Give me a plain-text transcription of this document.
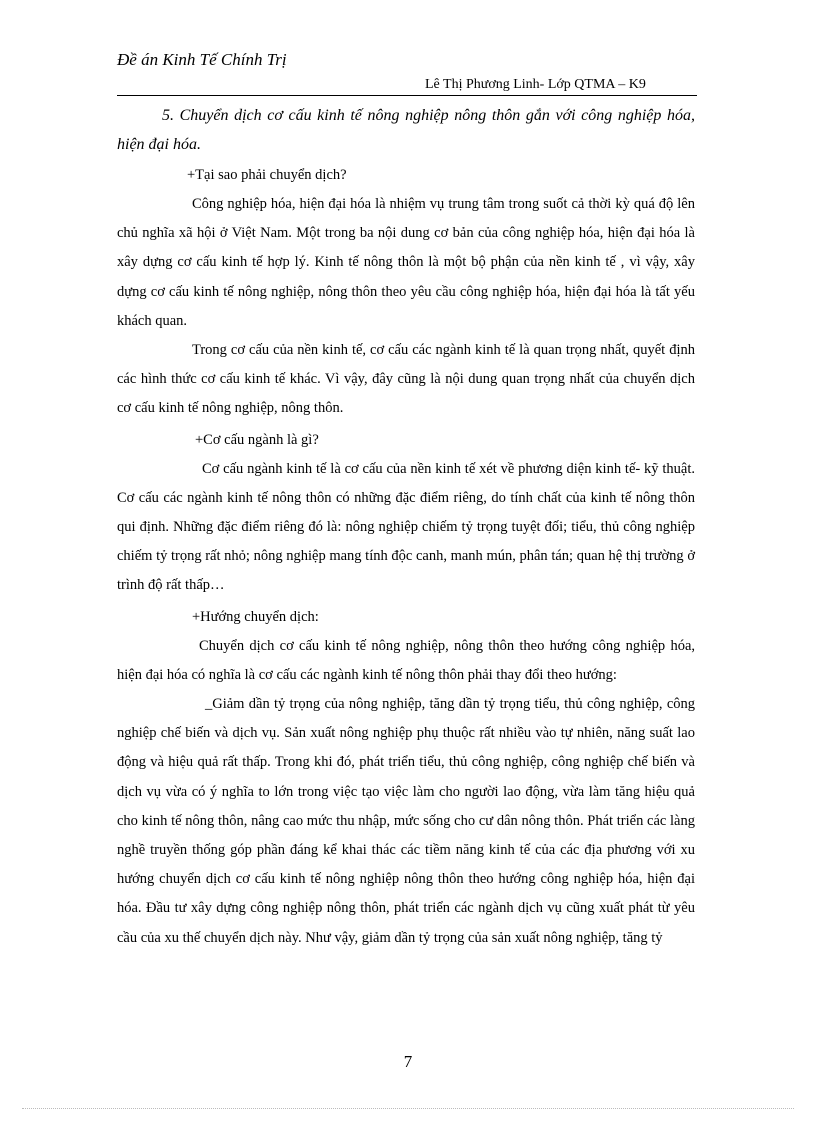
Đề án Kinh Tế Chính Trị
Lê Thị Phương Linh- Lớp QTMA – K9
5. Chuyển dịch cơ cấu kinh tế nông nghiệp nông thôn gắn với công nghiệp hóa, hiện đại hóa.
+Tại sao phải chuyển dịch?
Công nghiệp hóa, hiện đại hóa là nhiệm vụ trung tâm trong suốt cả thời kỳ quá độ lên chủ nghĩa xã hội ở Việt Nam. Một trong ba nội dung cơ bản của công nghiệp hóa, hiện đại hóa là xây dựng cơ cấu kinh tế hợp lý. Kinh tế nông thôn là một bộ phận của nền kinh tế , vì vậy, xây dựng cơ cấu kinh tế nông nghiệp, nông thôn theo yêu cầu công nghiệp hóa, hiện đại hóa là tất yếu khách quan.
Trong cơ cấu của nền kinh tế, cơ cấu các ngành kinh tế là quan trọng nhất, quyết định các hình thức cơ cấu kinh tế khác. Vì vậy, đây cũng là nội dung quan trọng nhất của chuyển dịch cơ cấu kinh tế nông nghiệp, nông thôn.
+Cơ cấu ngành là gì?
Cơ cấu ngành kinh tế là cơ cấu của nền kinh tế xét về phương diện kinh tế- kỹ thuật. Cơ cấu các ngành kinh tế nông thôn có những đặc điểm riêng, do tính chất của kinh tế nông thôn qui định. Những đặc điểm riêng đó là: nông nghiệp chiếm tỷ trọng tuyệt đối; tiểu, thủ công nghiệp chiếm tỷ trọng rất nhỏ; nông nghiệp mang tính độc canh, manh mún, phân tán; quan hệ thị trường ở trình độ rất thấp…
+Hướng chuyển dịch:
Chuyển dịch cơ cấu kinh tế nông nghiệp, nông thôn theo hướng công nghiệp hóa, hiện đại hóa có nghĩa là cơ cấu các ngành kinh tế nông thôn phải thay đổi theo hướng:
_Giảm dần tỷ trọng của nông nghiệp, tăng dần tỷ trọng tiểu, thủ công nghiệp, công nghiệp chế biến và dịch vụ. Sản xuất nông nghiệp phụ thuộc rất nhiều vào tự nhiên, năng suất lao động và hiệu quả rất thấp. Trong khi đó, phát triển tiểu, thủ công nghiệp, công nghiệp chế biến và dịch vụ vừa có ý nghĩa to lớn trong việc tạo việc làm cho người lao động, vừa làm tăng hiệu quả cho kinh tế nông thôn, nâng cao mức thu nhập, mức sống cho cư dân nông thôn. Phát triển các làng nghề truyền thống góp phần đáng kể khai thác các tiềm năng kinh tế của các địa phương với xu hướng chuyển dịch cơ cấu kinh tế nông nghiệp nông thôn theo hướng công nghiệp hóa, hiện đại hóa. Đầu tư xây dựng công nghiệp nông thôn, phát triển các ngành dịch vụ cũng xuất phát từ yêu cầu của xu thế chuyển dịch này. Như vậy, giảm dần tỷ trọng của sản xuất nông nghiệp, tăng tỷ
7
